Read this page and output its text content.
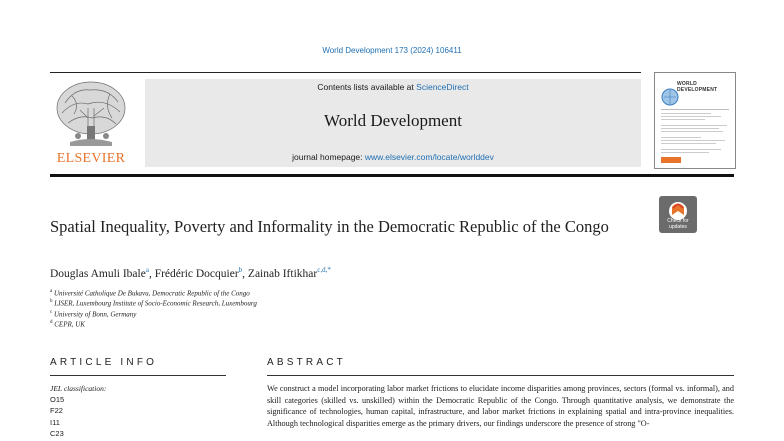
World Development 173 (2024) 106411
ELSEVIER
Contents lists available at ScienceDirect
World Development
journal homepage: www.elsevier.com/locate/worlddev
WORLD DEVELOPMENT
Check for updates
Spatial Inequality, Poverty and Informality in the Democratic Republic of the Congo
Douglas Amuli Ibale$^a$, Frédéric Docquier$^b$, Zainab Iftikhar$^{c,d,*}$
$^a$ Université Catholique De Bukavu, Democratic Republic of the Congo
$^b$ LISER, Luxembourg Institute of Socio-Economic Research, Luxembourg
$^c$ University of Bonn, Germany
$^d$ CEPR, UK
ARTICLE INFO	ABSTRACT
JEL classification:
O15
F22
I11
C23
We construct a model incorporating labor market frictions to elucidate income disparities among provinces, sectors (formal vs. informal), and skill categories (skilled vs. unskilled) within the Democratic Republic of the Congo. Through quantitative analysis, we demonstrate the significance of technologies, human capital, infrastructure, and labor market frictions in explaining spatial and intra-province inequalities. Although technological disparities emerge as the primary drivers, our findings underscore the presence of strong "O-
